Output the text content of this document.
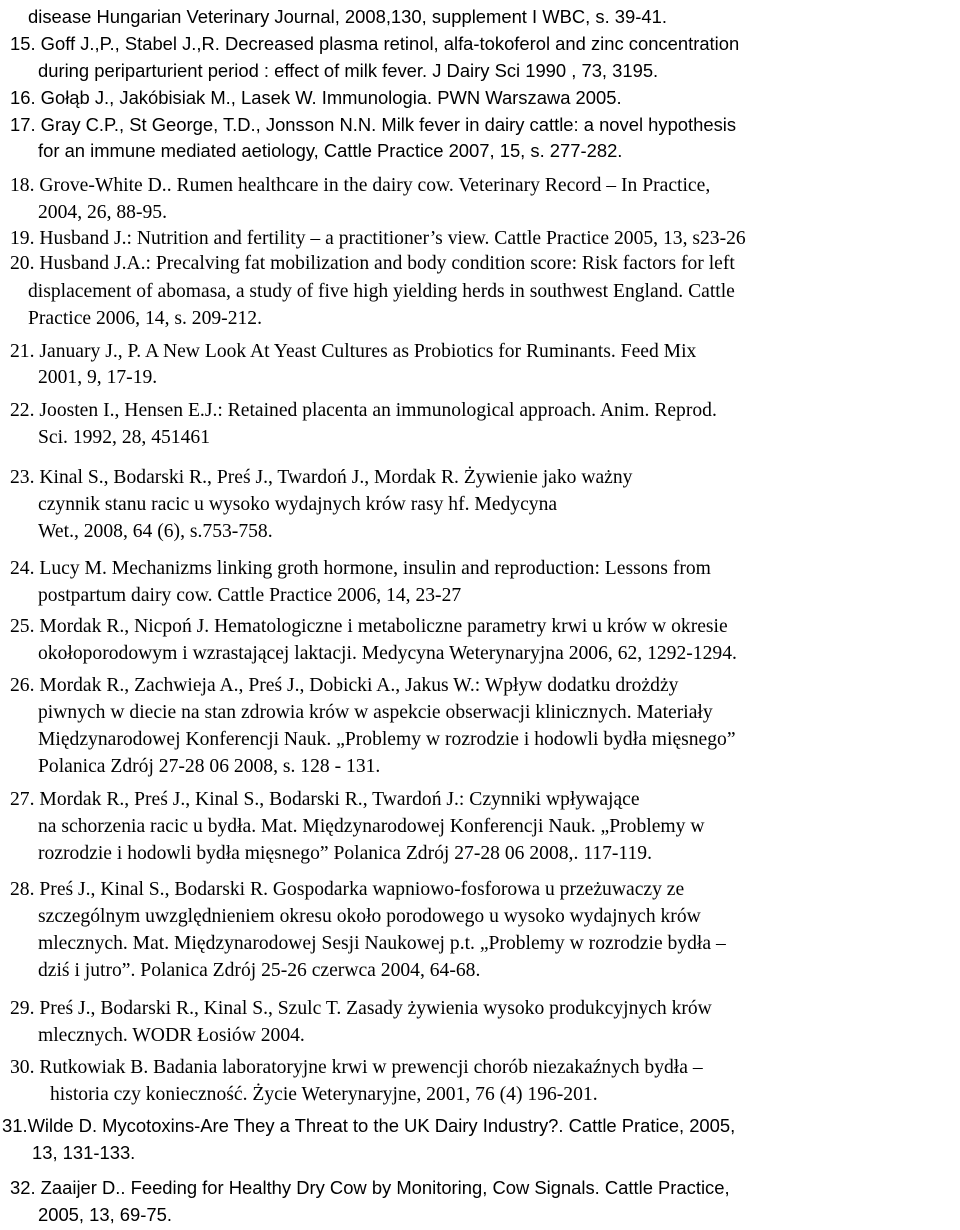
disease Hungarian Veterinary Journal, 2008,130, supplement I WBC, s. 39-41.
15. Goff J.,P., Stabel J.,R. Decreased plasma retinol, alfa-tokoferol and zinc concentration
during periparturient period : effect of milk fever. J Dairy Sci 1990 , 73, 3195.
16. Gołąb J., Jakóbisiak M., Lasek W. Immunologia. PWN Warszawa 2005.
17. Gray C.P., St George, T.D., Jonsson N.N. Milk fever in dairy cattle: a novel hypothesis
for an immune mediated aetiology, Cattle Practice 2007, 15, s. 277-282.
18. Grove-White D.. Rumen healthcare in the dairy cow. Veterinary Record – In Practice,
2004, 26, 88-95.
19. Husband J.: Nutrition and fertility – a practitioner’s view. Cattle Practice 2005, 13, s23-26
20. Husband J.A.: Precalving fat mobilization and body condition score: Risk factors for left
displacement of abomasa, a study of five high yielding herds in southwest England. Cattle
Practice 2006, 14, s. 209-212.
21. January J., P. A New Look At Yeast Cultures as Probiotics for Ruminants. Feed Mix
2001, 9, 17-19.
22. Joosten I., Hensen E.J.: Retained placenta an immunological approach. Anim. Reprod.
Sci. 1992, 28, 451461
23. Kinal S., Bodarski R., Preś J., Twardoń J., Mordak R. Żywienie jako ważny
czynnik stanu racic u wysoko wydajnych krów rasy hf. Medycyna
Wet., 2008, 64 (6), s.753-758.
24. Lucy M. Mechanizms linking groth hormone, insulin and reproduction: Lessons from
postpartum dairy cow. Cattle Practice 2006, 14, 23-27
25. Mordak R., Nicpoń J. Hematologiczne i metaboliczne parametry krwi u krów w okresie
okołoporodowym i wzrastającej laktacji. Medycyna Weterynaryjna 2006, 62, 1292-1294.
26. Mordak R., Zachwieja A., Preś J., Dobicki A., Jakus W.: Wpływ dodatku drożdży
piwnych w diecie na stan zdrowia krów w aspekcie obserwacji klinicznych. Materiały
Międzynarodowej Konferencji Nauk. „Problemy w rozrodzie i hodowli bydła mięsnego”
Polanica Zdrój 27-28 06 2008, s. 128 - 131.
27. Mordak R., Preś J., Kinal S., Bodarski R., Twardoń J.: Czynniki wpływające
na schorzenia racic u bydła. Mat. Międzynarodowej Konferencji Nauk. „Problemy w
rozrodzie i hodowli bydła mięsnego” Polanica Zdrój 27-28 06 2008,. 117-119.
28. Preś J., Kinal S., Bodarski R. Gospodarka wapniowo-fosforowa u przeżuwaczy ze
szczególnym uwzględnieniem okresu około porodowego u wysoko wydajnych krów
mlecznych. Mat. Międzynarodowej Sesji Naukowej p.t. „Problemy w rozrodzie bydła –
dziś i jutro”. Polanica Zdrój 25-26 czerwca 2004, 64-68.
29. Preś J., Bodarski R., Kinal S., Szulc T. Zasady żywienia wysoko produkcyjnych krów
mlecznych. WODR Łosiów 2004.
30. Rutkowiak B. Badania laboratoryjne krwi w prewencji chorób niezakaźnych bydła –
historia czy konieczność. Życie Weterynaryjne, 2001, 76 (4) 196-201.
31.Wilde D. Mycotoxins-Are They a Threat to the UK Dairy Industry?. Cattle Pratice, 2005,
13, 131-133.
32. Zaaijer D.. Feeding for Healthy Dry Cow by Monitoring, Cow Signals. Cattle Practice,
2005, 13, 69-75.
